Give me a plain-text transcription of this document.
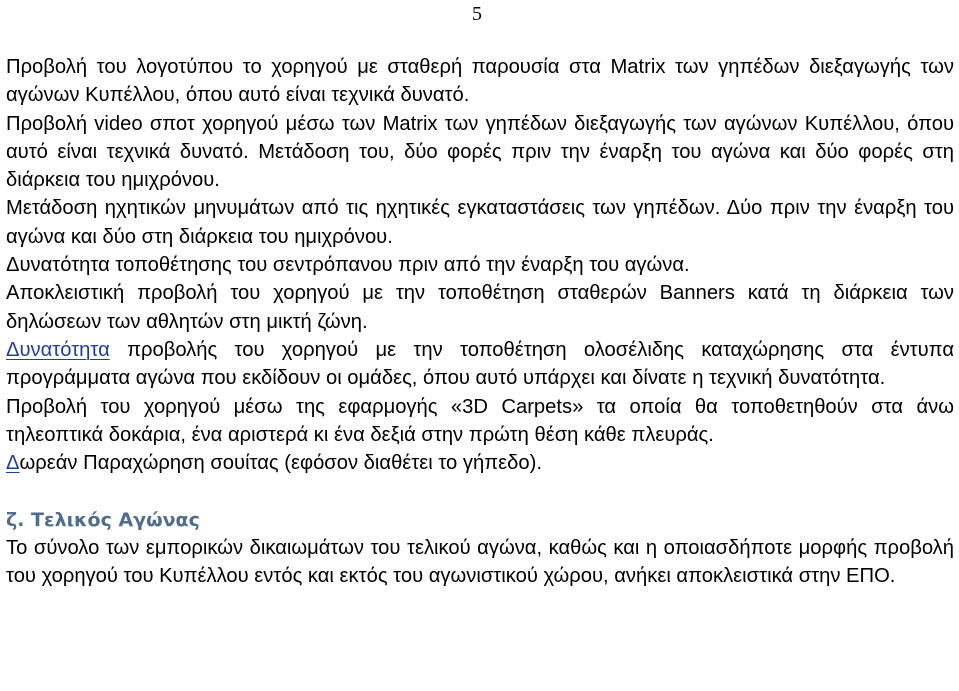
5

Προβολή του λογοτύπου το χορηγού με σταθερή παρουσία στα Matrix των γηπέδων διεξαγωγής των αγώνων Κυπέλλου, όπου αυτό είναι τεχνικά δυνατό.

Προβολή video σποτ χορηγού μέσω των Matrix των γηπέδων διεξαγωγής των αγώνων Κυπέλλου, όπου αυτό είναι τεχνικά δυνατό. Μετάδοση του, δύο φορές πριν την έναρξη του αγώνα και δύο φορές στη διάρκεια του ημιχρόνου.

Μετάδοση ηχητικών μηνυμάτων από τις ηχητικές εγκαταστάσεις των γηπέδων. Δύο πριν την έναρξη του αγώνα και δύο στη διάρκεια του ημιχρόνου.

Δυνατότητα τοποθέτησης του σεντρόπανου πριν από την έναρξη του αγώνα.

Αποκλειστική προβολή του χορηγού με την τοποθέτηση σταθερών Banners κατά τη διάρκεια των δηλώσεων των αθλητών στη μικτή ζώνη.

Δυνατότητα προβολής του χορηγού με την τοποθέτηση ολοσέλιδης καταχώρησης στα έντυπα προγράμματα αγώνα που εκδίδουν οι ομάδες, όπου αυτό υπάρχει και δίνατε η τεχνική δυνατότητα.

Προβολή του χορηγού μέσω της εφαρμογής «3D Carpets» τα οποία θα τοποθετηθούν στα άνω τηλεοπτικά δοκάρια, ένα αριστερά κι ένα δεξιά στην πρώτη θέση κάθε πλευράς.

Δωρεάν Παραχώρηση σουίτας (εφόσον διαθέτει το γήπεδο).

ζ. Τελικός Αγώνας

Το σύνολο των εμπορικών δικαιωμάτων του τελικού αγώνα, καθώς και η οποιασδήποτε μορφής προβολή του χορηγού του Κυπέλλου εντός και εκτός του αγωνιστικού χώρου, ανήκει αποκλειστικά στην ΕΠΟ.
